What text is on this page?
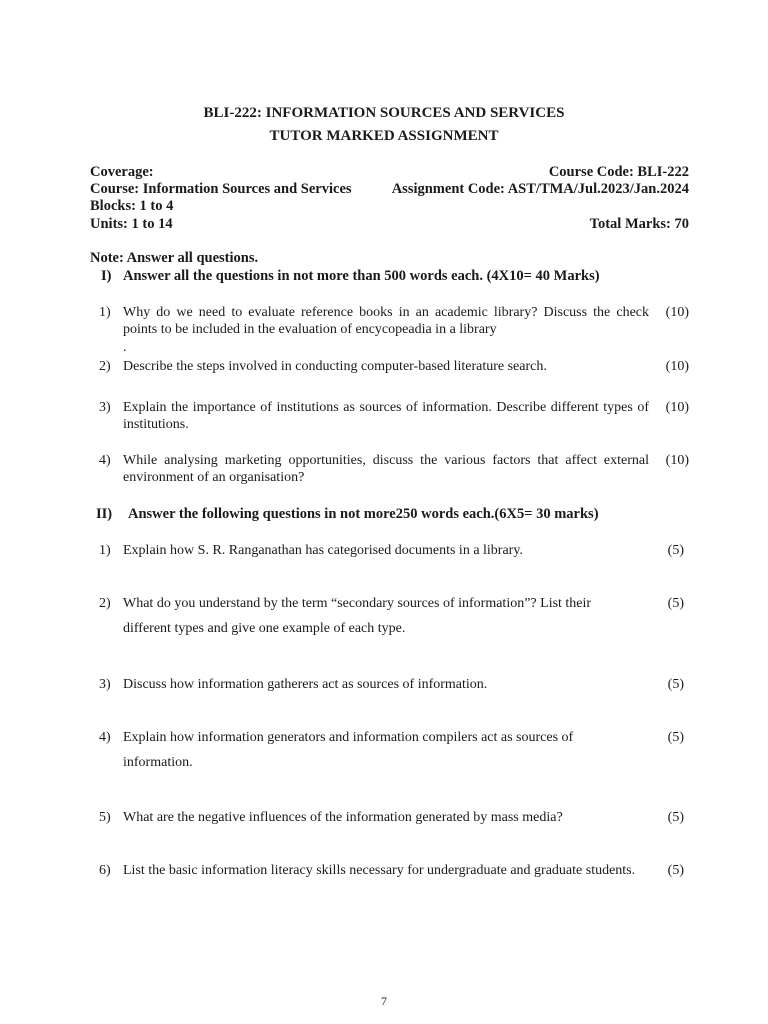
BLI-222: INFORMATION SOURCES AND SERVICES
TUTOR MARKED ASSIGNMENT
Coverage:	Course Code: BLI-222
Course: Information Sources and Services	Assignment Code: AST/TMA/Jul.2023/Jan.2024
Blocks: 1 to 4
Units: 1 to 14	Total Marks: 70
Note: Answer all questions.
I) Answer all the questions in not more than 500 words each. (4X10= 40 Marks)
1) Why do we need to evaluate reference books in an academic library? Discuss the check points to be included in the evaluation of encycopeadia in a library
(10)
.
2) Describe the steps involved in conducting computer-based literature search.	(10)
3) Explain the importance of institutions as sources of information. Describe different types of institutions.
(10)
4) While analysing marketing opportunities, discuss the various factors that affect external environment of an organisation?
(10)
II) Answer the following questions in not more250 words each.(6X5= 30 marks)
1) Explain how S. R. Ranganathan has categorised documents in a library.	(5)
2) What do you understand by the term “secondary sources of information”? List their different types and give one example of each type.
(5)
3) Discuss how information gatherers act as sources of information.	(5)
4) Explain how information generators and information compilers act as sources of information.
(5)
5) What are the negative influences of the information generated by mass media?	(5)
6) List the basic information literacy skills necessary for undergraduate and graduate students.	(5)
7
